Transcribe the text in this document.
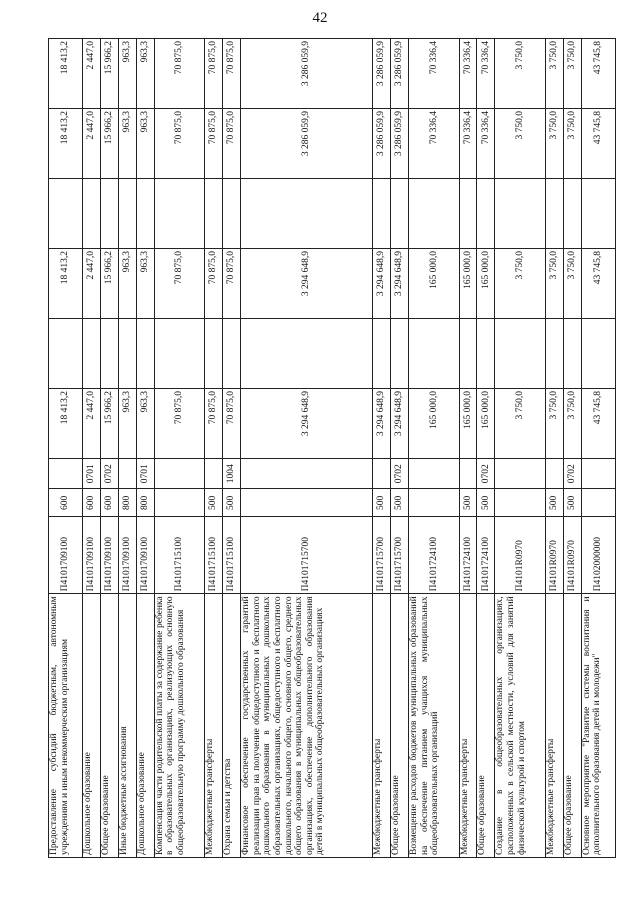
42
Предоставление субсидий бюджетным, автономным учреждениям и иным некоммерческим организациям	П4101709100	600		18 413,2		18 413,2		18 413,2	18 413,2
Дошкольное образование	П4101709100	600	0701	2 447,0		2 447,0		2 447,0	2 447,0
Общее образование	П4101709100	600	0702	15 966,2		15 966,2		15 966,2	15 966,2
Иные бюджетные ассигнования	П4101709100	800		963,3		963,3		963,3	963,3
Дошкольное образование	П4101709100	800	0701	963,3		963,3		963,3	963,3
Компенсация части родительской платы за содержание ребенка в образовательных организациях, реализующих основную общеобразовательную программу дошкольного образования	П4101715100			70 875,0		70 875,0		70 875,0	70 875,0
Межбюджетные трансферты	П4101715100	500		70 875,0		70 875,0		70 875,0	70 875,0
Охрана семьи и детства	П4101715100	500	1004	70 875,0		70 875,0		70 875,0	70 875,0
Финансовое обеспечение государственных гарантий реализации прав на получение общедоступного и бесплатного дошкольного образования в муниципальных дошкольных образовательных организациях, общедоступного и бесплатного дошкольного, начального общего, основного общего, среднего общего образования в муниципальных общеобразовательных организациях, обеспечение дополнительного образования детей в муниципальных общеобразовательных организациях	П4101715700			3 294 648,9		3 294 648,9		3 286 059,9	3 286 059,9
Межбюджетные трансферты	П4101715700	500		3 294 648,9		3 294 648,9		3 286 059,9	3 286 059,9
Общее образование	П4101715700	500	0702	3 294 648,9		3 294 648,9		3 286 059,9	3 286 059,9
Возмещение расходов бюджетов муниципальных образований на обеспечение питанием учащихся муниципальных общеобразовательных организаций	П4101724100			165 000,0		165 000,0		70 336,4	70 336,4
Межбюджетные трансферты	П4101724100	500		165 000,0		165 000,0		70 336,4	70 336,4
Общее образование	П4101724100	500	0702	165 000,0		165 000,0		70 336,4	70 336,4
Создание в общеобразовательных организациях, расположенных в сельской местности, условий для занятий физической культурой и спортом	П4101R0970			3 750,0		3 750,0		3 750,0	3 750,0
Межбюджетные трансферты	П4101R0970	500		3 750,0		3 750,0		3 750,0	3 750,0
Общее образование	П4101R0970	500	0702	3 750,0		3 750,0		3 750,0	3 750,0
Основное мероприятие "Развитие системы воспитания и дополнительного образования детей и молодежи"	П4102000000			43 745,8		43 745,8		43 745,8	43 745,8
